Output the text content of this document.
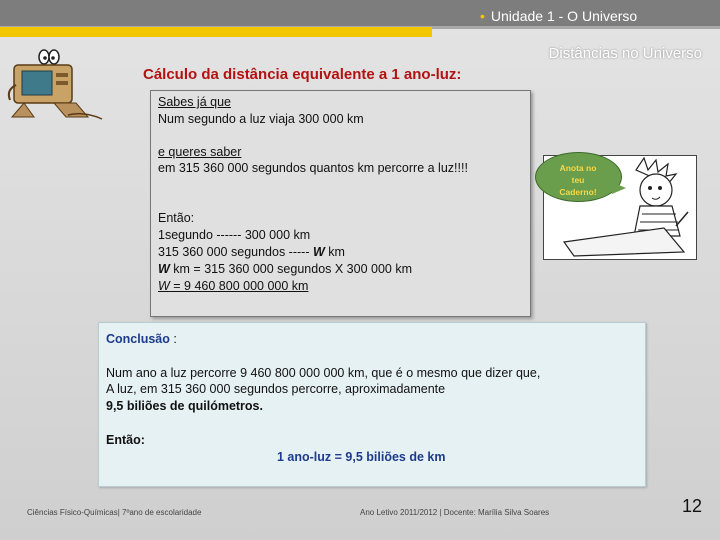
• Unidade 1 - O Universo
Distâncias no Universo
Cálculo da distância equivalente a 1 ano-luz:
Sabes já que
Num segundo a luz viaja 300 000 km
e queres saber
em 315 360 000 segundos quantos km percorre a luz!!!!
Então:
1segundo ------ 300 000 km
315 360 000 segundos ----- W km
W km = 315 360 000 segundos X 300 000 km
W = 9 460 800 000 000 km
Anota no
teu
Caderno!
Conclusão :
Num ano a luz percorre 9 460 800 000 000 km, que é o mesmo que dizer que,
A luz, em 315 360 000 segundos percorre, aproximadamente
9,5 biliões de quilómetros.
Então:
1 ano-luz = 9,5 biliões de km
Ciências Físico-Químicas| 7ºano de escolaridade	Ano Letivo 2011/2012 | Docente: Marília Silva Soares	12
